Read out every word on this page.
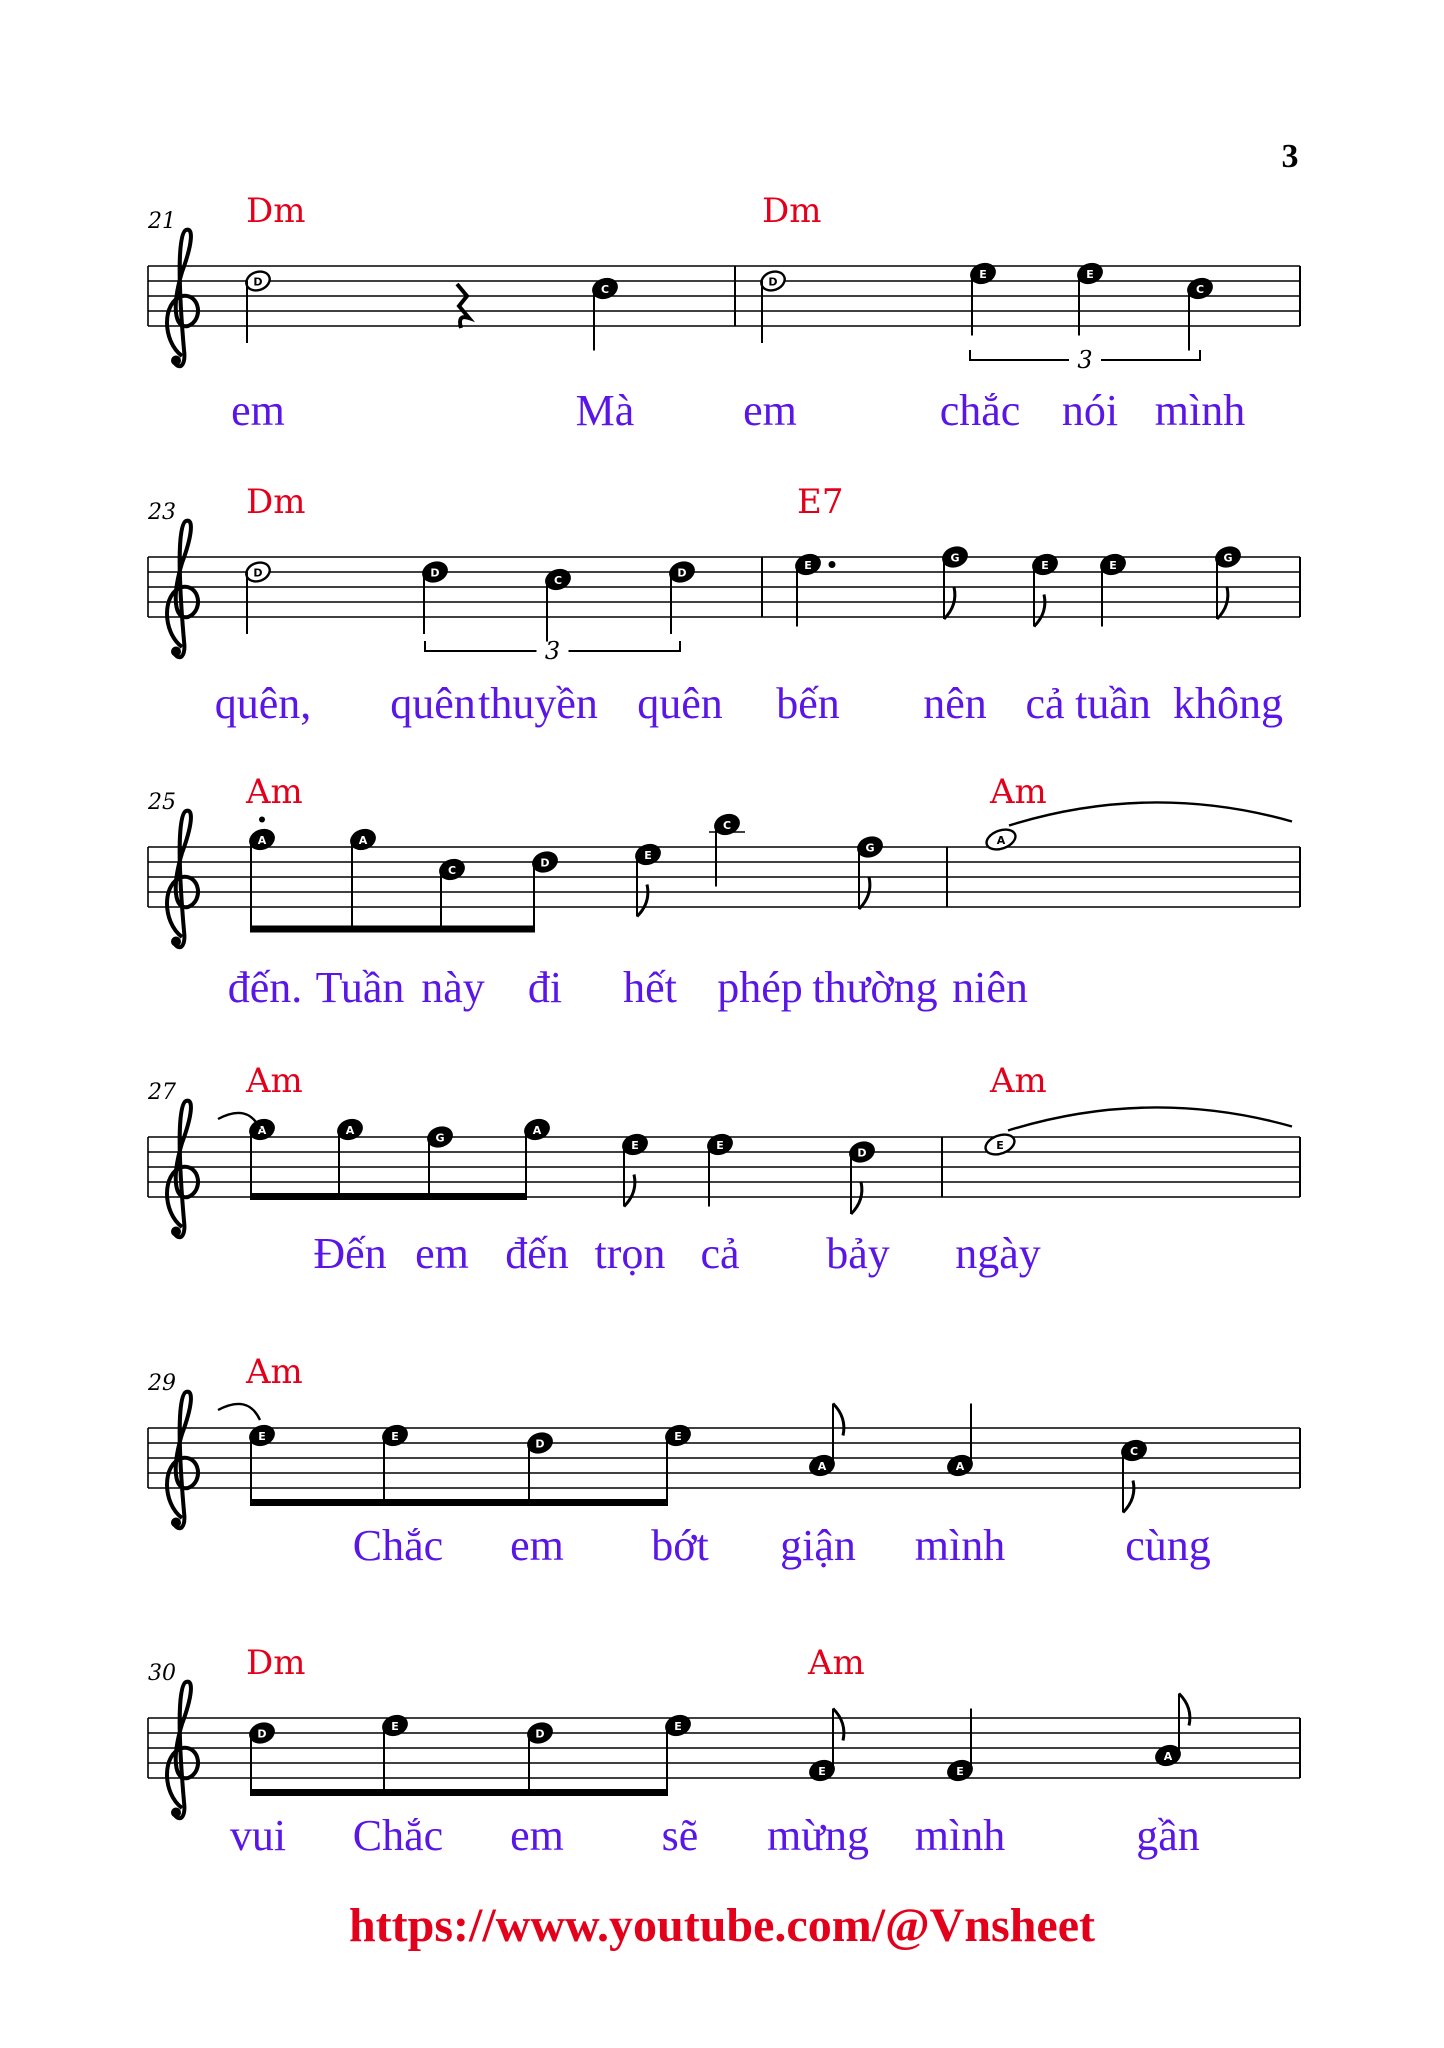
3
21 Dm	Dm
D
C
D
E	E
C
3
em	Mà em	chắc nói mình
23 Dm	E7
D	D
C
D
E
G
E	E
G
3
quên, quên thuyền quên bến nên cả tuần không
25 Am	Am
A	A
C
D
E
C
G
A
đến. Tuần này đi hết phép thường niên
27 Am	Am
A	A
G
A
E	E
D
E
Đến em đến trọn cả bảy ngày
29 Am
E	E
D
E
A	A
C
Chắc em bớt giận mình	cùng
30 Dm	Am
D
E
D
E
E	E
A
vui Chắc em sẽ mừng mình	gần
https://www.youtube.com/@Vnsheet
